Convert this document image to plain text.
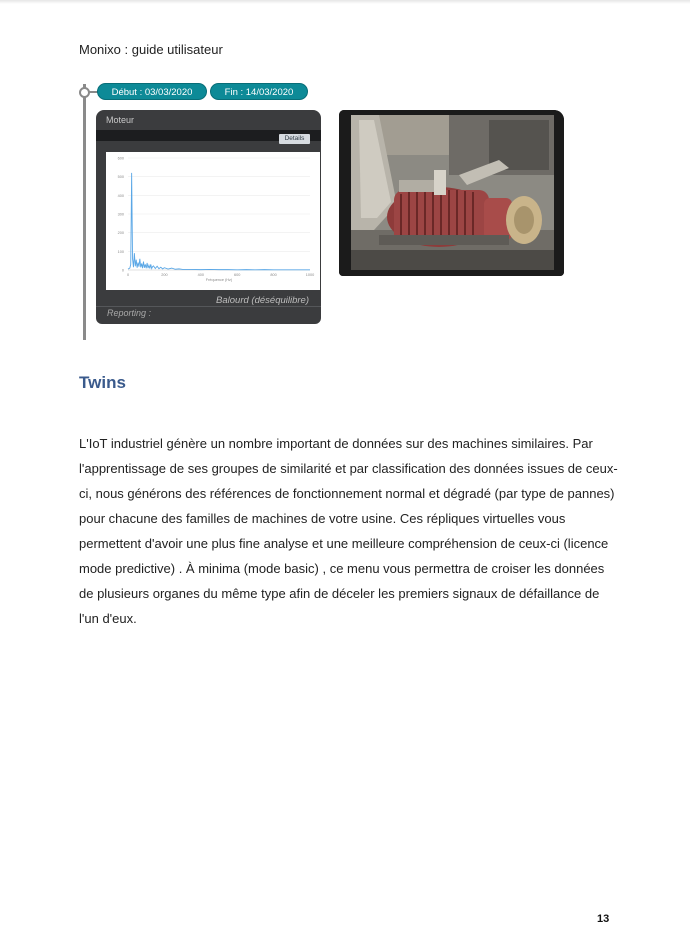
Monixo : guide utilisateur
Début : 03/03/2020	Fin : 14/03/2020
Moteur
Details
0
100
200
300
400
500
600
0	200	400	600	800	1000
Fréquence (Hz)
Balourd (déséquilibre)
Reporting :
Twins

L'IoT industriel génère un nombre important de données sur des machines similaires. Par l'apprentissage de ses groupes de similarité et par classification des données issues de ceux-ci, nous générons des références de fonctionnement normal et dégradé (par type de pannes) pour chacune des familles de machines de votre usine. Ces répliques virtuelles vous permettent d'avoir une plus fine analyse et une meilleure compréhension de ceux-ci (licence mode predictive) . À minima (mode basic) , ce menu vous permettra de croiser les données de plusieurs organes du même type afin de déceler les premiers signaux de défaillance de l'un d'eux.

13
